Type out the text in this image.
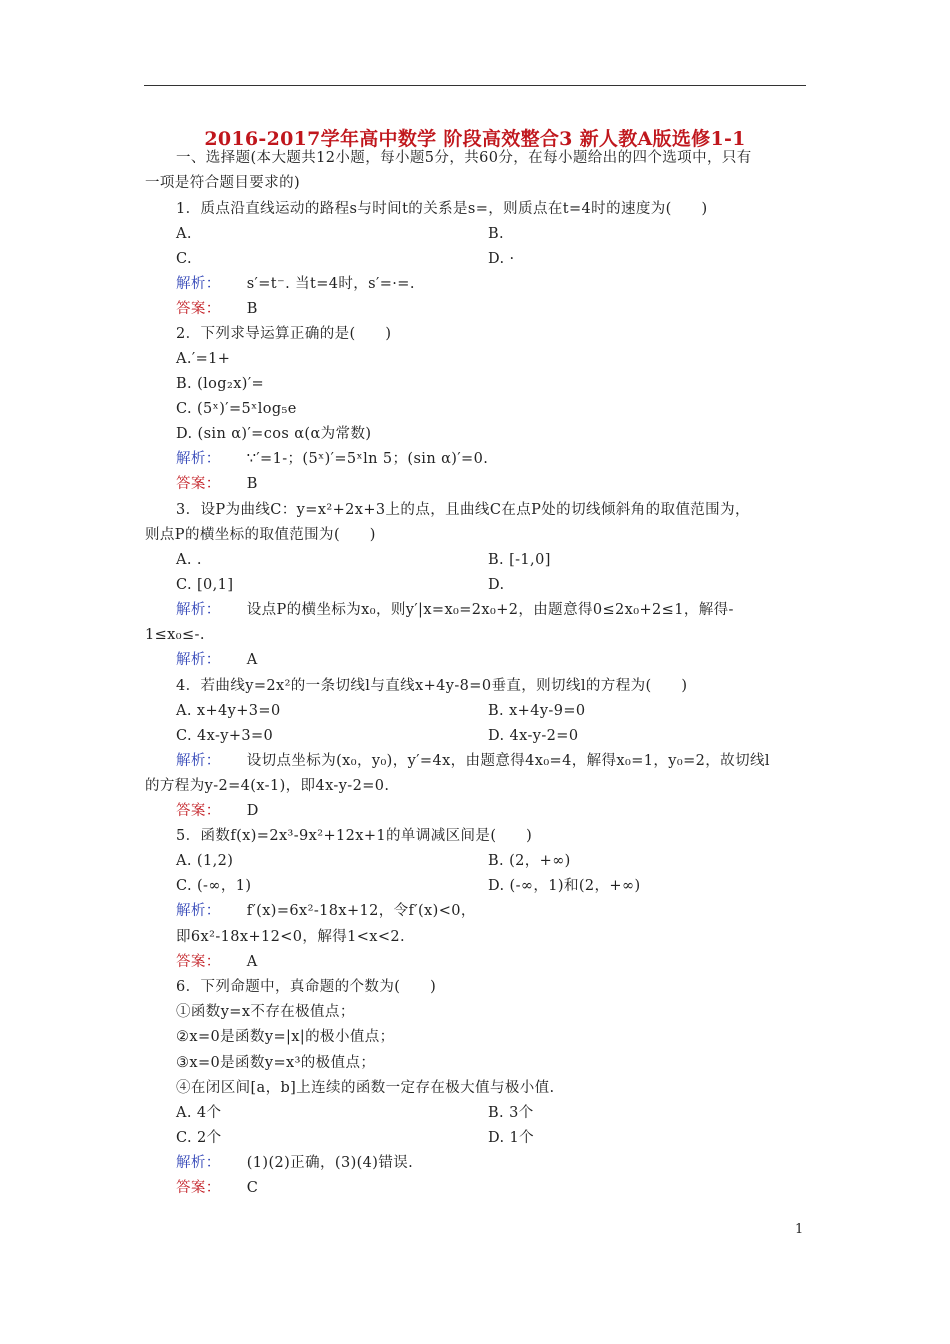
2016-2017学年高中数学 阶段高效整合3 新人教A版选修1-1
一、选择题(本大题共12小题，每小题5分，共60分，在每小题给出的四个选项中，只有
一项是符合题目要求的)
1．质点沿直线运动的路程s与时间t的关系是s=，则质点在t=4时的速度为(　　)
A.	B.
C.	D. ·
解析： s′=t⁻. 当t=4时，s′=·=.
答案： B
2．下列求导运算正确的是(　　)
A.′=1+
B. (log₂x)′=
C. (5ˣ)′=5ˣlog₅e
D. (sin α)′=cos α(α为常数)
解析： ∵′=1-；(5ˣ)′=5ˣln 5；(sin α)′=0.
答案： B
3．设P为曲线C：y=x²+2x+3上的点，且曲线C在点P处的切线倾斜角的取值范围为，
则点P的横坐标的取值范围为(　　)
A. .	B. [-1,0]
C. [0,1]	D.
解析： 设点P的横坐标为x₀，则y′|x=x₀=2x₀+2，由题意得0≤2x₀+2≤1，解得-
1≤x₀≤-.
解析： A
4．若曲线y=2x²的一条切线l与直线x+4y-8=0垂直，则切线l的方程为(　　)
A. x+4y+3=0	B. x+4y-9=0
C. 4x-y+3=0	D. 4x-y-2=0
解析： 设切点坐标为(x₀，y₀)，y′=4x，由题意得4x₀=4，解得x₀=1，y₀=2，故切线l
的方程为y-2=4(x-1)，即4x-y-2=0.
答案： D
5．函数f(x)=2x³-9x²+12x+1的单调减区间是(　　)
A. (1,2)	B. (2，+∞)
C. (-∞，1)	D. (-∞，1)和(2，+∞)
解析： f′(x)=6x²-18x+12，令f′(x)<0，
即6x²-18x+12<0，解得1<x<2.
答案： A
6．下列命题中，真命题的个数为(　　)
①函数y=x不存在极值点；
②x=0是函数y=|x|的极小值点；
③x=0是函数y=x³的极值点；
④在闭区间[a，b]上连续的函数一定存在极大值与极小值.
A. 4个	B. 3个
C. 2个	D. 1个
解析： (1)(2)正确，(3)(4)错误.
答案： C
1
